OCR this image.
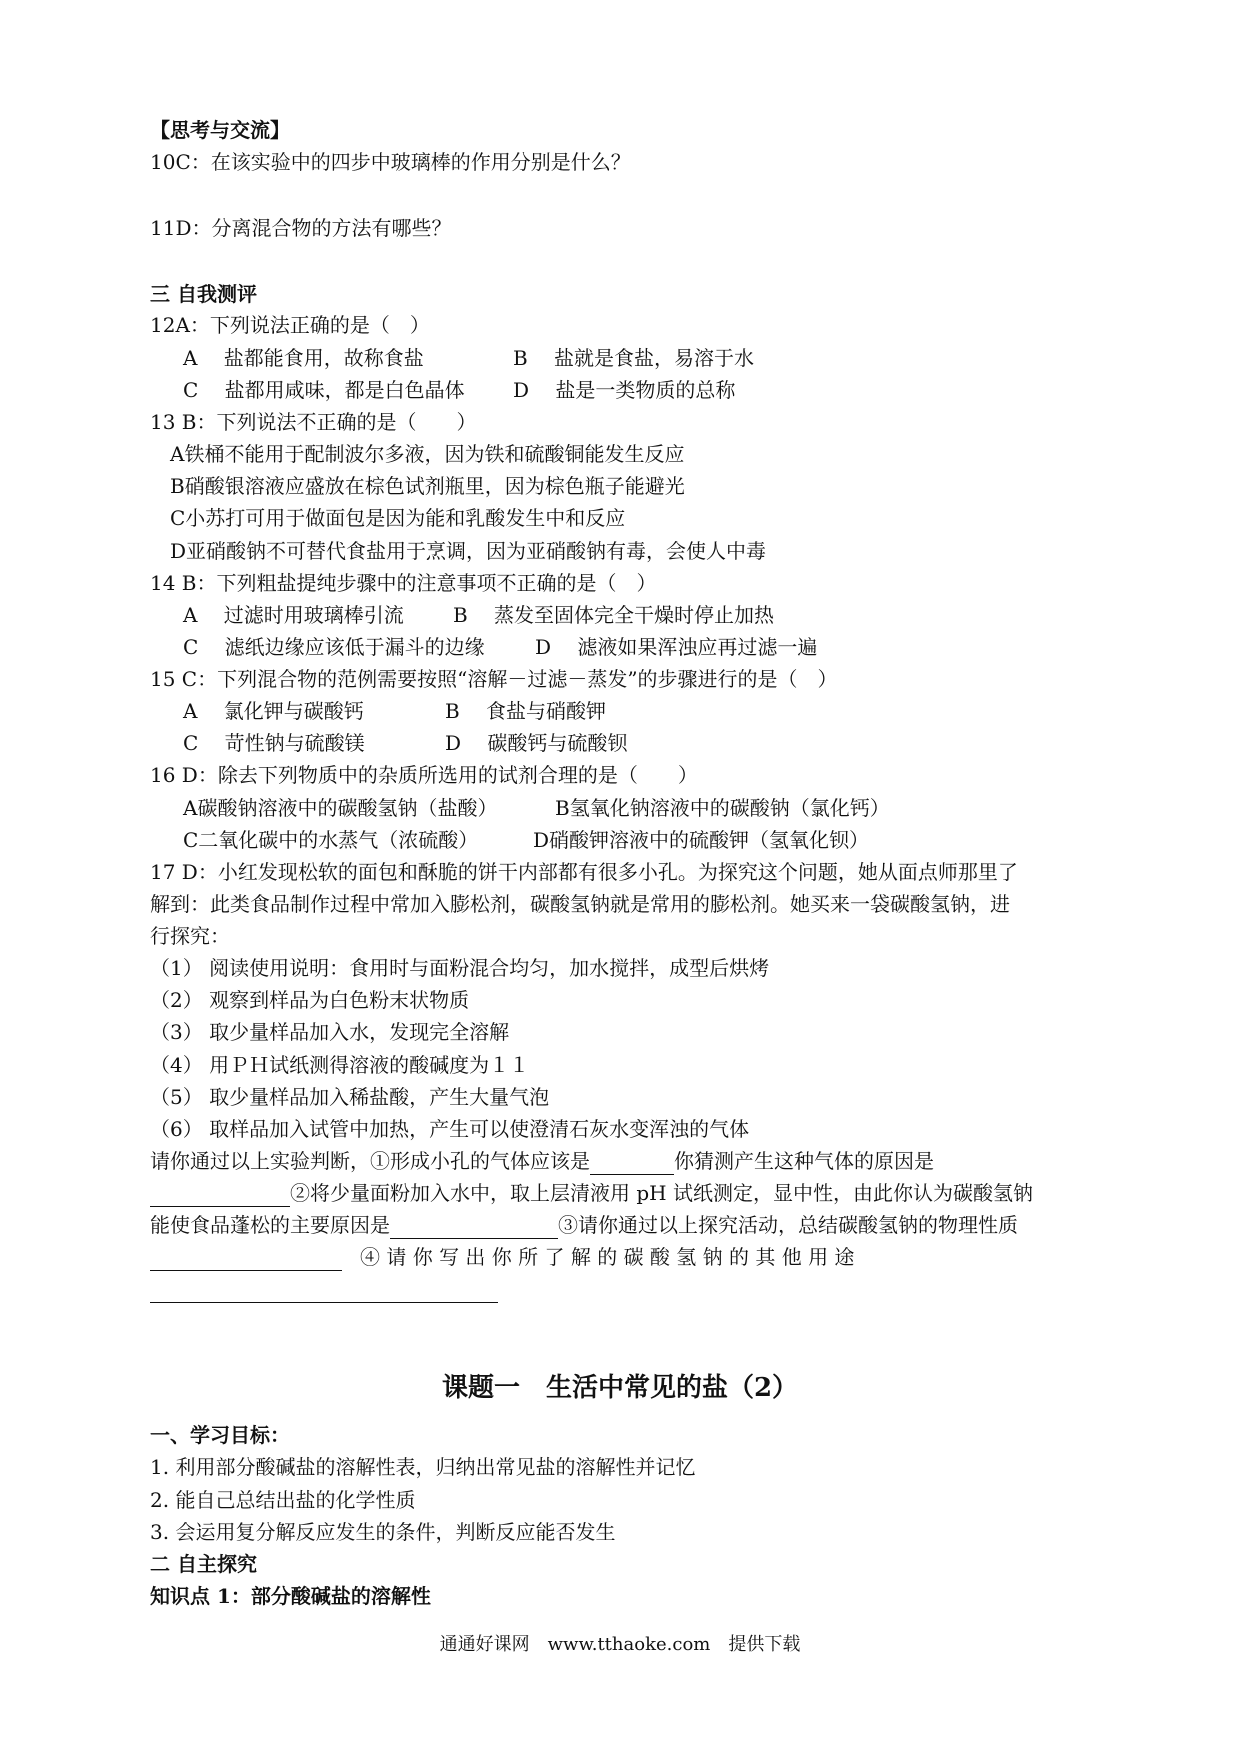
【思考与交流】
10C：在该实验中的四步中玻璃棒的作用分别是什么？
11D：分离混合物的方法有哪些？
三 自我测评
12A：下列说法正确的是（　）
A　 盐都能食用，故称食盐	B　 盐就是食盐，易溶于水
C　 盐都用咸味，都是白色晶体 D　 盐是一类物质的总称
13 B：下列说法不正确的是（　　）
A铁桶不能用于配制波尔多液，因为铁和硫酸铜能发生反应
B硝酸银溶液应盛放在棕色试剂瓶里，因为棕色瓶子能避光
C小苏打可用于做面包是因为能和乳酸发生中和反应
D亚硝酸钠不可替代食盐用于烹调，因为亚硝酸钠有毒，会使人中毒
14 B：下列粗盐提纯步骤中的注意事项不正确的是（　）
A　 过滤时用玻璃棒引流 B　 蒸发至固体完全干燥时停止加热
C　 滤纸边缘应该低于漏斗的边缘	D　 滤液如果浑浊应再过滤一遍
15 C：下列混合物的范例需要按照“溶解－过滤－蒸发”的步骤进行的是（　）
A　 氯化钾与碳酸钙	B　 食盐与硝酸钾
C　 苛性钠与硫酸镁	D　 碳酸钙与硫酸钡
16 D：除去下列物质中的杂质所选用的试剂合理的是（　　）
A碳酸钠溶液中的碳酸氢钠（盐酸）	B氢氧化钠溶液中的碳酸钠（氯化钙）
C二氧化碳中的水蒸气（浓硫酸）	D硝酸钾溶液中的硫酸钾（氢氧化钡）
17 D：小红发现松软的面包和酥脆的饼干内部都有很多小孔。为探究这个问题，她从面点师那里了
解到：此类食品制作过程中常加入膨松剂，碳酸氢钠就是常用的膨松剂。她买来一袋碳酸氢钠，进
行探究：
（1） 阅读使用说明：食用时与面粉混合均匀，加水搅拌，成型后烘烤
（2） 观察到样品为白色粉末状物质
（3） 取少量样品加入水，发现完全溶解
（4） 用ＰＨ试纸测得溶液的酸碱度为１１
（5） 取少量样品加入稀盐酸，产生大量气泡
（6） 取样品加入试管中加热，产生可以使澄清石灰水变浑浊的气体
请你通过以上实验判断，①形成小孔的气体应该是	你猜测产生这种气体的原因是
②将少量面粉加入水中，取上层清液用 pH 试纸测定，显中性，由此你认为碳酸氢钠
能使食品蓬松的主要原因是	③请你通过以上探究活动，总结碳酸氢钠的物理性质
④ 请 你 写 出 你 所 了 解 的 碳 酸 氢 钠 的 其 他 用 途
课题一　生活中常见的盐（2）
一、学习目标：
1. 利用部分酸碱盐的溶解性表，归纳出常见盐的溶解性并记忆
2. 能自己总结出盐的化学性质
3. 会运用复分解反应发生的条件，判断反应能否发生
二 自主探究
知识点 1：部分酸碱盐的溶解性
通通好课网　www.tthaoke.com　提供下载
